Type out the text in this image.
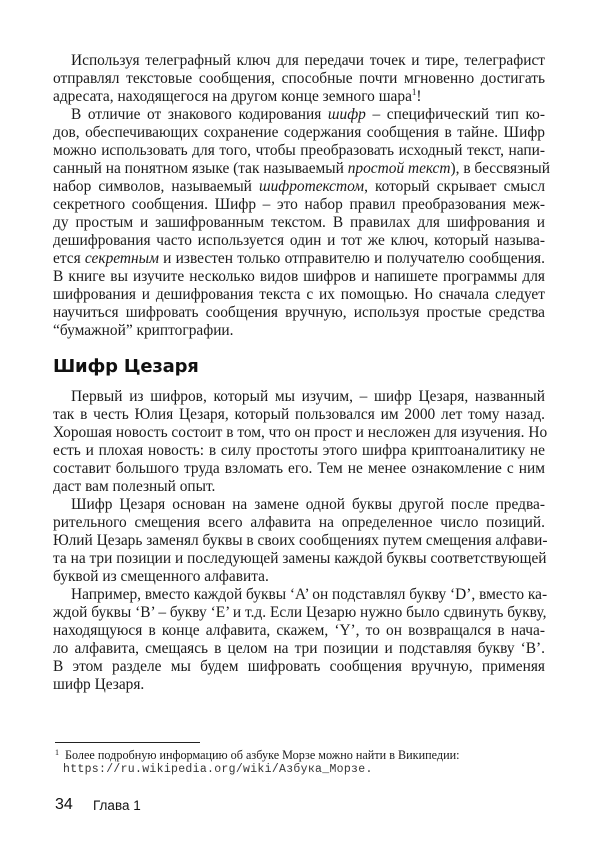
Используя телеграфный ключ для передачи точек и тире, телеграфист
отправлял текстовые сообщения, способные почти мгновенно достигать
адресата, находящегося на другом конце земного шара$^1$!
В отличие от знакового кодирования шифр – специфический тип ко-
дов, обеспечивающих сохранение содержания сообщения в тайне. Шифр
можно использовать для того, чтобы преобразовать исходный текст, напи-
санный на понятном языке (так называемый простой текст), в бессвязный
набор символов, называемый шифротекстом, который скрывает смысл
секретного сообщения. Шифр – это набор правил преобразования меж-
ду простым и зашифрованным текстом. В правилах для шифрования и
дешифрования часто используется один и тот же ключ, который называ-
ется секретным и известен только отправителю и получателю сообщения.
В книге вы изучите несколько видов шифров и напишете программы для
шифрования и дешифрования текста с их помощью. Но сначала следует
научиться шифровать сообщения вручную, используя простые средства
“бумажной” криптографии.
Шифр Цезаря
Первый из шифров, который мы изучим, – шифр Цезаря, названный
так в честь Юлия Цезаря, который пользовался им 2000 лет тому назад.
Хорошая новость состоит в том, что он прост и несложен для изучения. Но
есть и плохая новость: в силу простоты этого шифра криптоаналитику не
составит большого труда взломать его. Тем не менее ознакомление с ним
даст вам полезный опыт.
Шифр Цезаря основан на замене одной буквы другой после предва-
рительного смещения всего алфавита на определенное число позиций.
Юлий Цезарь заменял буквы в своих сообщениях путем смещения алфави-
та на три позиции и последующей замены каждой буквы соответствующей
буквой из смещенного алфавита.
Например, вместо каждой буквы ‘A’ он подставлял букву ‘D’, вместо ка-
ждой буквы ‘B’ – букву ‘E’ и т.д. Если Цезарю нужно было сдвинуть букву,
находящуюся в конце алфавита, скажем, ‘Y’, то он возвращался в нача-
ло алфавита, смещаясь в целом на три позиции и подставляя букву ‘B’.
В этом разделе мы будем шифровать сообщения вручную, применяя
шифр Цезаря.
$^1$ Более подробную информацию об азбуке Морзе можно найти в Википедии:
https://ru.wikipedia.org/wiki/Азбука_Морзе.
34 Глава 1
